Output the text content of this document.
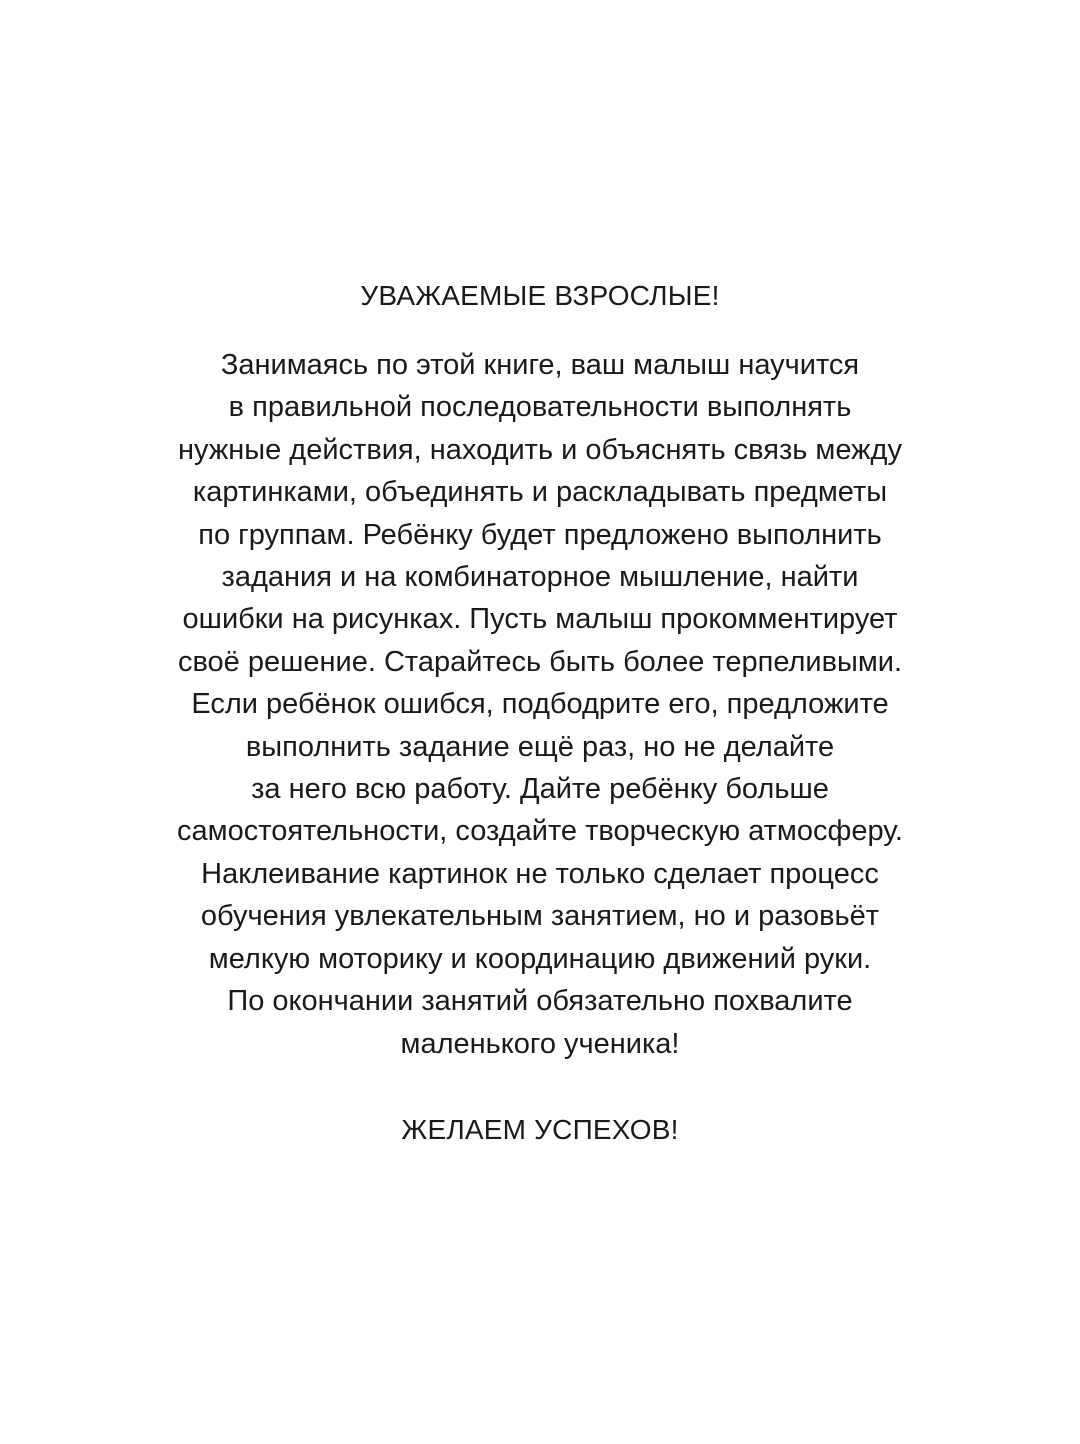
УВАЖАЕМЫЕ ВЗРОСЛЫЕ!

Занимаясь по этой книге, ваш малыш научится
в правильной последовательности выполнять
нужные действия, находить и объяснять связь между
картинками, объединять и раскладывать предметы
по группам. Ребёнку будет предложено выполнить
задания и на комбинаторное мышление, найти
ошибки на рисунках. Пусть малыш прокомментирует
своё решение. Старайтесь быть более терпеливыми.
Если ребёнок ошибся, подбодрите его, предложите
выполнить задание ещё раз, но не делайте
за него всю работу. Дайте ребёнку больше
самостоятельности, создайте творческую атмосферу.
Наклеивание картинок не только сделает процесс
обучения увлекательным занятием, но и разовьёт
мелкую моторику и координацию движений руки.
По окончании занятий обязательно похвалите
маленького ученика!

ЖЕЛАЕМ УСПЕХОВ!
